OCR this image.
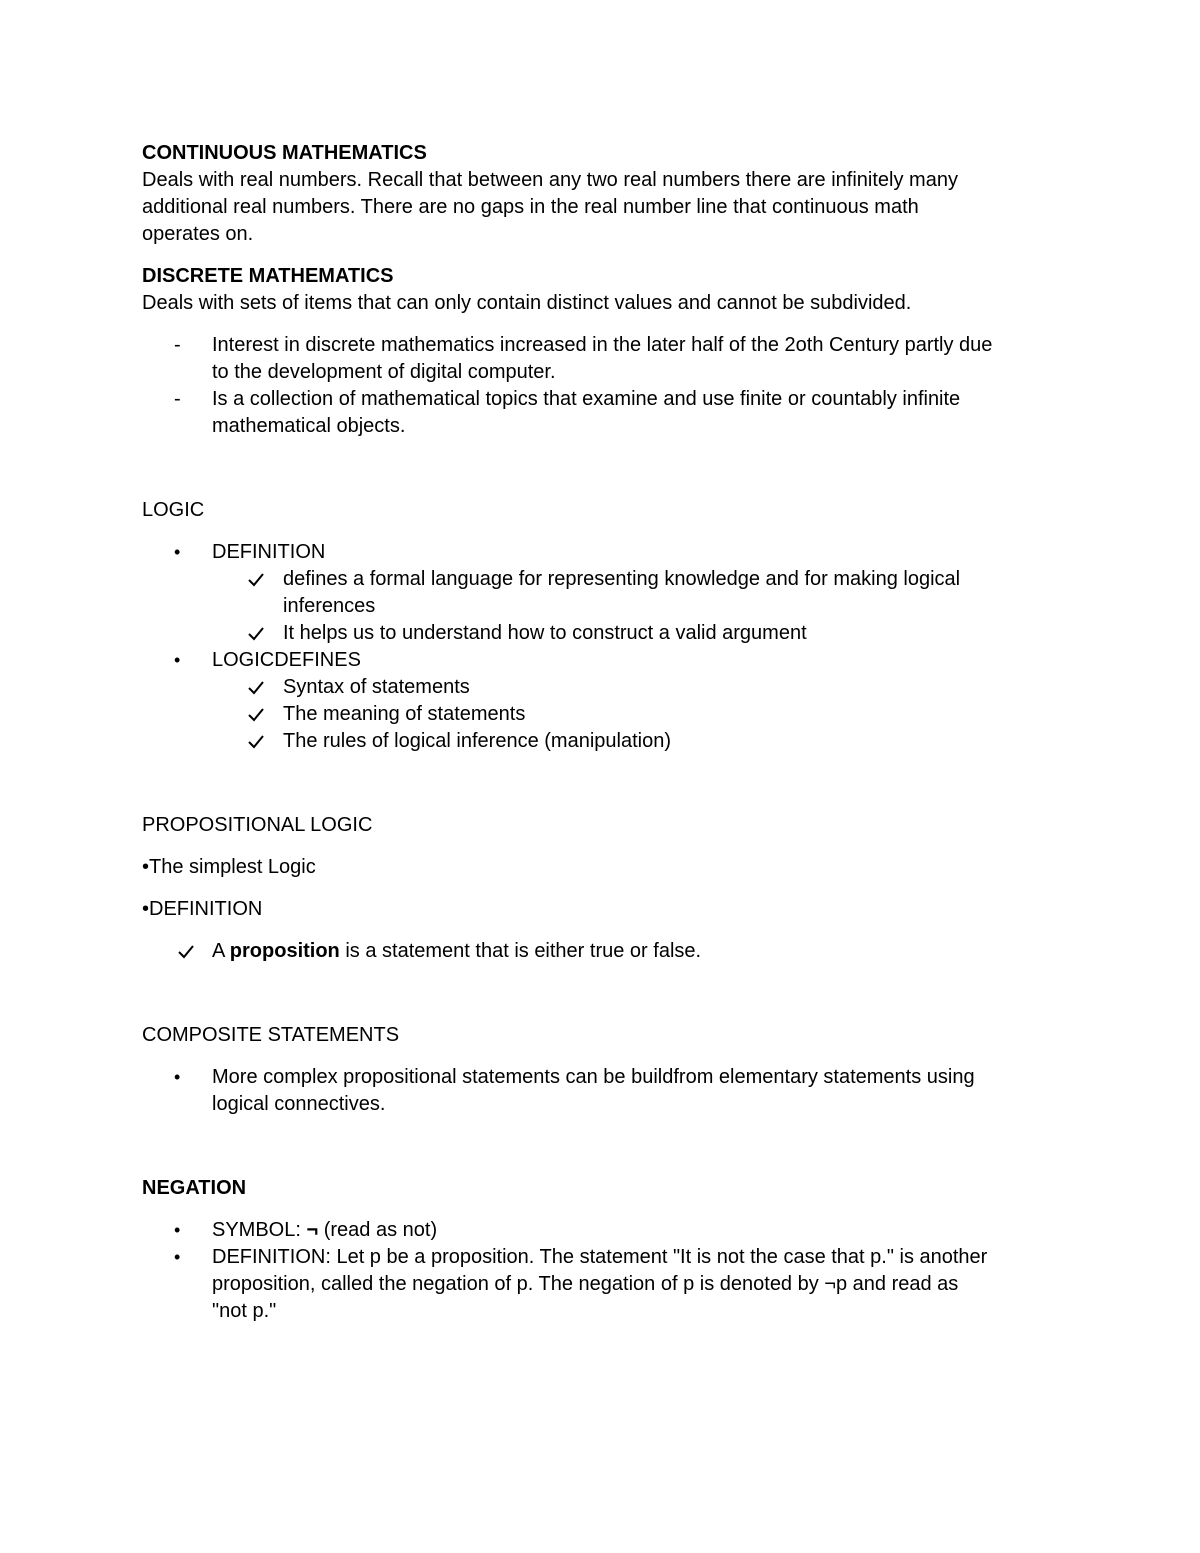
CONTINUOUS MATHEMATICS

Deals with real numbers. Recall that between any two real numbers there are infinitely many

additional real numbers. There are no gaps in the real number line that continuous math

operates on.

DISCRETE MATHEMATICS

Deals with sets of items that can only contain distinct values and cannot be subdivided.

-	Interest in discrete mathematics increased in the later half of the 2oth Century partly due
to the development of digital computer.
-	Is a collection of mathematical topics that examine and use finite or countably infinite
mathematical objects.

LOGIC

•	DEFINITION
defines a formal language for representing knowledge and for making logical
inferences
It helps us to understand how to construct a valid argument
•	LOGICDEFINES
Syntax of statements
The meaning of statements
The rules of logical inference (manipulation)

PROPOSITIONAL LOGIC

•The simplest Logic

•DEFINITION

A proposition is a statement that is either true or false.

COMPOSITE STATEMENTS

•	More complex propositional statements can be buildfrom elementary statements using
logical connectives.

NEGATION

•	SYMBOL: ¬ (read as not)
•	DEFINITION: Let p be a proposition. The statement "It is not the case that p." is another
proposition, called the negation of p. The negation of p is denoted by ¬p and read as
"not p."
